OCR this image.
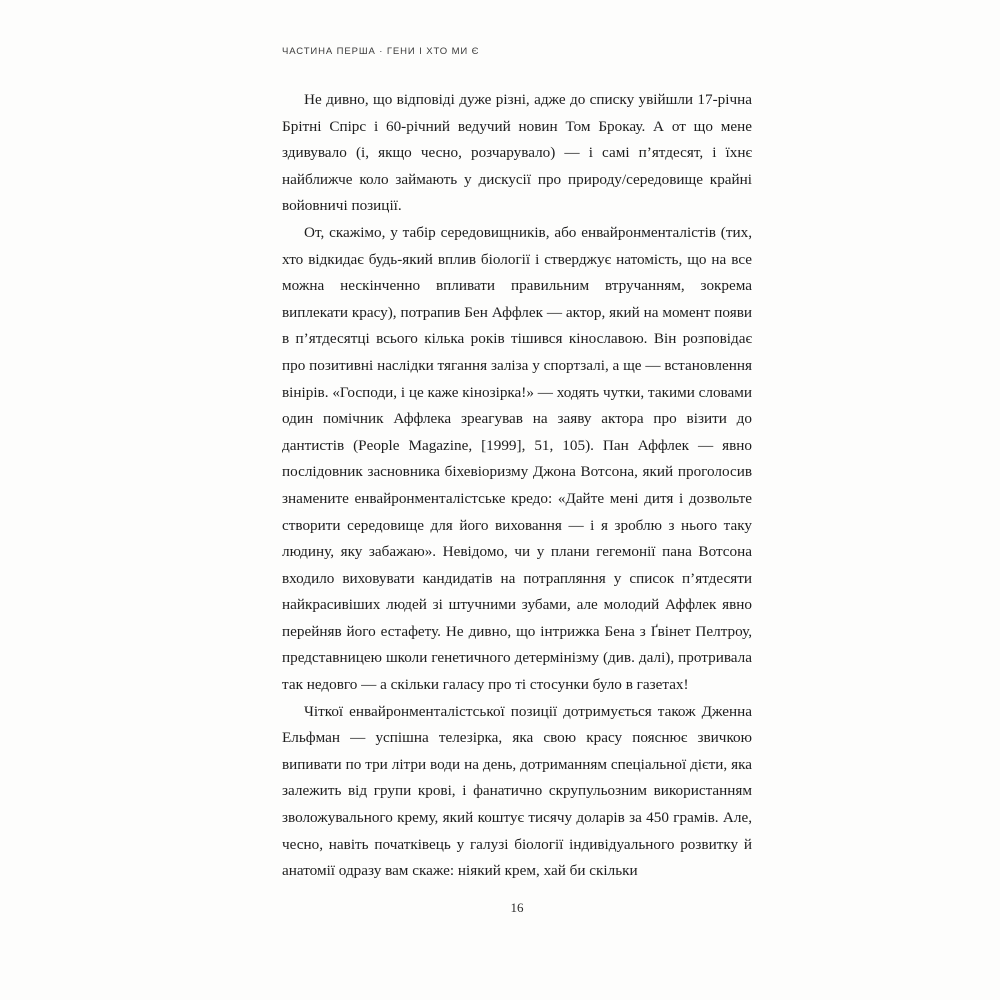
ЧАСТИНА ПЕРША · ГЕНИ І ХТО МИ Є

Не дивно, що відповіді дуже різні, адже до списку увійшли 17-річна Брітні Спірс і 60-річний ведучий новин Том Брокау. А от що мене здивувало (і, якщо чесно, розчарувало) — і самі п’ятдесят, і їхнє найближче коло займають у дискусії про природу/середовище крайні войовничі позиції.

От, скажімо, у табір середовищників, або енвайронменталістів (тих, хто відкидає будь-який вплив біології і стверджує натомість, що на все можна нескінченно впливати правильним втручанням, зокрема виплекати красу), потрапив Бен Аффлек — актор, який на момент появи в п’ятдесятці всього кілька років тішився кінославою. Він розповідає про позитивні наслідки тягання заліза у спортзалі, а ще — встановлення вінірів. «Господи, і це каже кінозірка!» — ходять чутки, такими словами один помічник Аффлека зреагував на заяву актора про візити до дантистів (People Magazine, [1999], 51, 105). Пан Аффлек — явно послідовник засновника біхевіоризму Джона Вотсона, який проголосив знамените енвайронменталістське кредо: «Дайте мені дитя і дозвольте створити середовище для його виховання — і я зроблю з нього таку людину, яку забажаю». Невідомо, чи у плани гегемонії пана Вотсона входило виховувати кандидатів на потрапляння у список п’ятдесяти найкрасивіших людей зі штучними зубами, але молодий Аффлек явно перейняв його естафету. Не дивно, що інтрижка Бена з Ґвінет Пелтроу, представницею школи генетичного детермінізму (див. далі), протривала так недовго — а скільки галасу про ті стосунки було в газетах!

Чіткої енвайронменталістської позиції дотримується також Дженна Ельфман — успішна телезірка, яка свою красу пояснює звичкою випивати по три літри води на день, дотриманням спеціальної дієти, яка залежить від групи крові, і фанатично скрупульозним використанням зволожувального крему, який коштує тисячу доларів за 450 грамів. Але, чесно, навіть початківець у галузі біології індивідуального розвитку й анатомії одразу вам скаже: ніякий крем, хай би скільки

16
